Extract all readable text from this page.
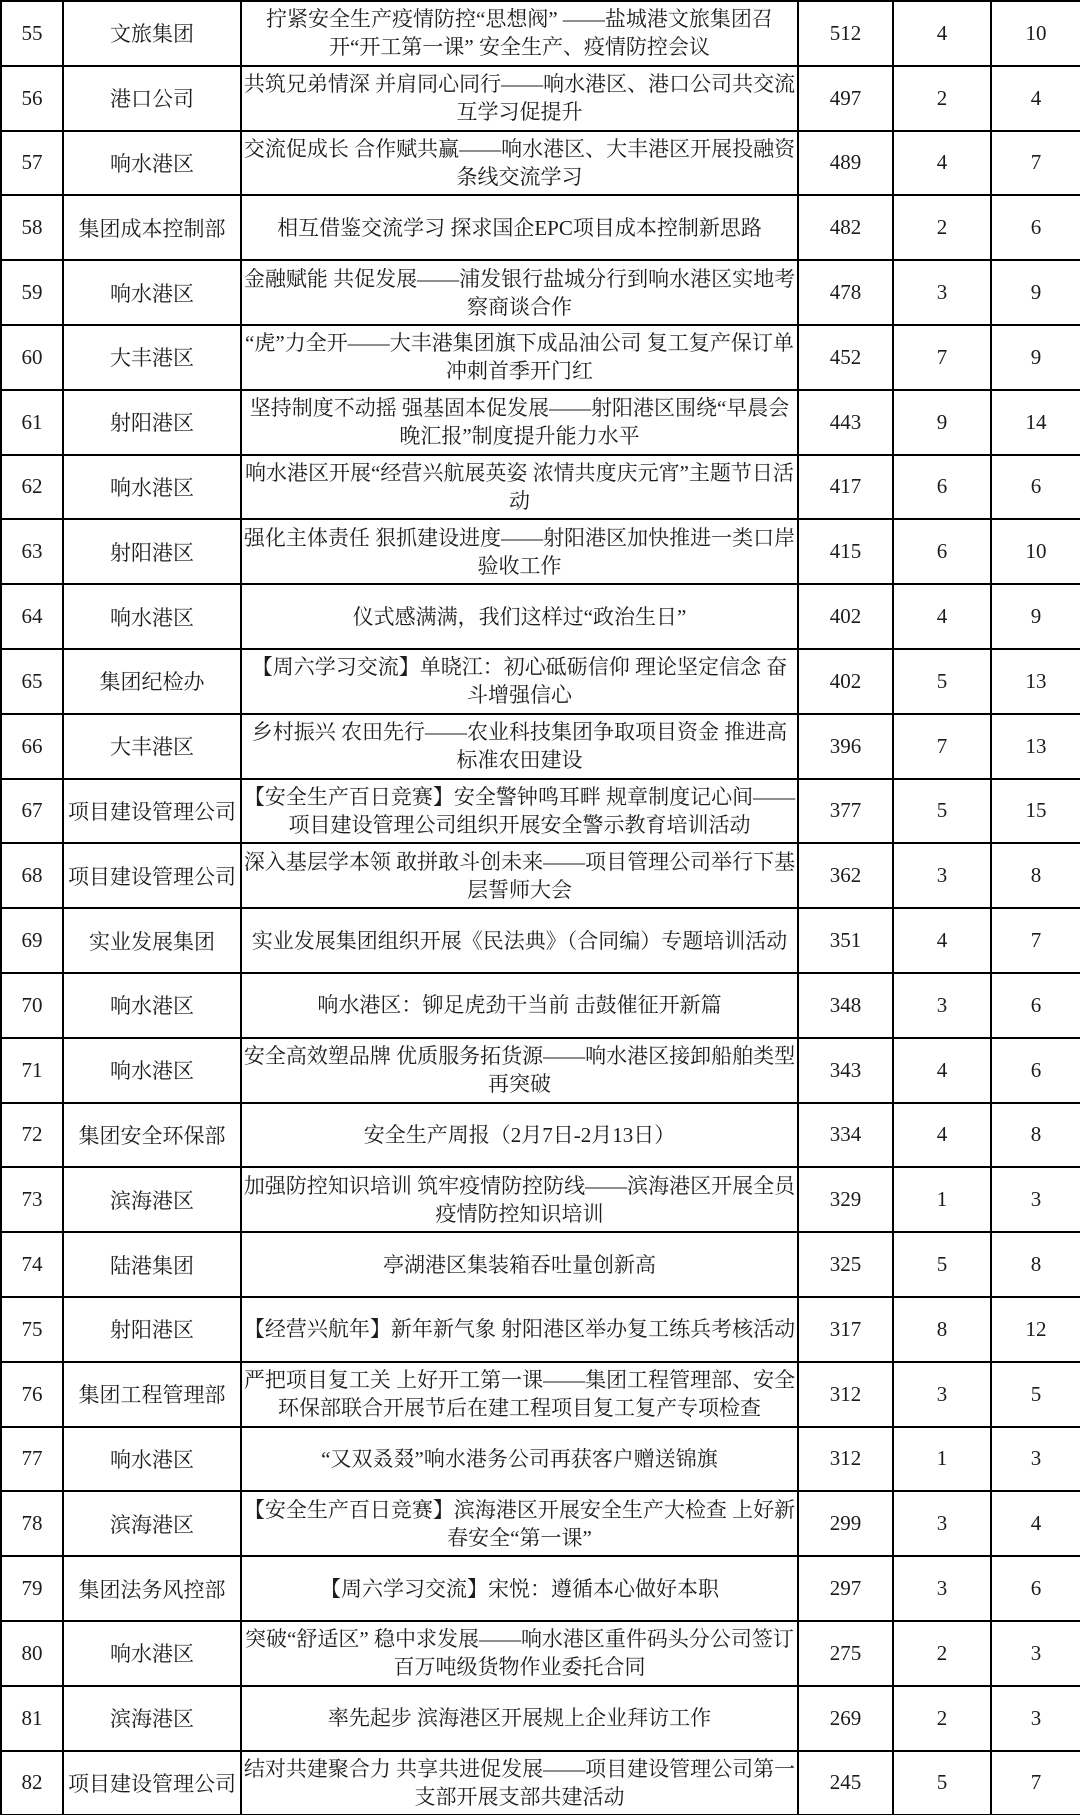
55	文旅集团	拧紧安全生产疫情防控“思想阀” ——盐城港文旅集团召开“开工第一课” 安全生产、疫情防控会议	512	4	10
56	港口公司	共筑兄弟情深 并肩同心同行——响水港区、港口公司共交流互学习促提升	497	2	4
57	响水港区	交流促成长 合作赋共赢——响水港区、大丰港区开展投融资条线交流学习	489	4	7
58	集团成本控制部	相互借鉴交流学习 探求国企EPC项目成本控制新思路	482	2	6
59	响水港区	金融赋能 共促发展——浦发银行盐城分行到响水港区实地考察商谈合作	478	3	9
60	大丰港区	“虎”力全开——大丰港集团旗下成品油公司 复工复产保订单 冲刺首季开门红	452	7	9
61	射阳港区	坚持制度不动摇 强基固本促发展——射阳港区围绕“早晨会晚汇报”制度提升能力水平	443	9	14
62	响水港区	响水港区开展“经营兴航展英姿 浓情共度庆元宵”主题节日活动	417	6	6
63	射阳港区	强化主体责任 狠抓建设进度——射阳港区加快推进一类口岸验收工作	415	6	10
64	响水港区	仪式感满满，我们这样过“政治生日”	402	4	9
65	集团纪检办	【周六学习交流】单晓江：初心砥砺信仰 理论坚定信念 奋斗增强信心	402	5	13
66	大丰港区	乡村振兴 农田先行——农业科技集团争取项目资金 推进高标准农田建设	396	7	13
67	项目建设管理公司	【安全生产百日竞赛】安全警钟鸣耳畔 规章制度记心间——项目建设管理公司组织开展安全警示教育培训活动	377	5	15
68	项目建设管理公司	深入基层学本领 敢拼敢斗创未来——项目管理公司举行下基层誓师大会	362	3	8
69	实业发展集团	实业发展集团组织开展《民法典》（合同编）专题培训活动	351	4	7
70	响水港区	响水港区：铆足虎劲干当前 击鼓催征开新篇	348	3	6
71	响水港区	安全高效塑品牌 优质服务拓货源——响水港区接卸船舶类型再突破	343	4	6
72	集团安全环保部	安全生产周报（2月7日-2月13日）	334	4	8
73	滨海港区	加强防控知识培训 筑牢疫情防控防线——滨海港区开展全员疫情防控知识培训	329	1	3
74	陆港集团	亭湖港区集装箱吞吐量创新高	325	5	8
75	射阳港区	【经营兴航年】新年新气象 射阳港区举办复工练兵考核活动	317	8	12
76	集团工程管理部	严把项目复工关 上好开工第一课——集团工程管理部、安全环保部联合开展节后在建工程项目复工复产专项检查	312	3	5
77	响水港区	“又双叒叕”响水港务公司再获客户赠送锦旗	312	1	3
78	滨海港区	【安全生产百日竞赛】滨海港区开展安全生产大检查 上好新春安全“第一课”	299	3	4
79	集团法务风控部	【周六学习交流】宋悦：遵循本心做好本职	297	3	6
80	响水港区	突破“舒适区” 稳中求发展——响水港区重件码头分公司签订百万吨级货物作业委托合同	275	2	3
81	滨海港区	率先起步 滨海港区开展规上企业拜访工作	269	2	3
82	项目建设管理公司	结对共建聚合力 共享共进促发展——项目建设管理公司第一支部开展支部共建活动	245	5	7
